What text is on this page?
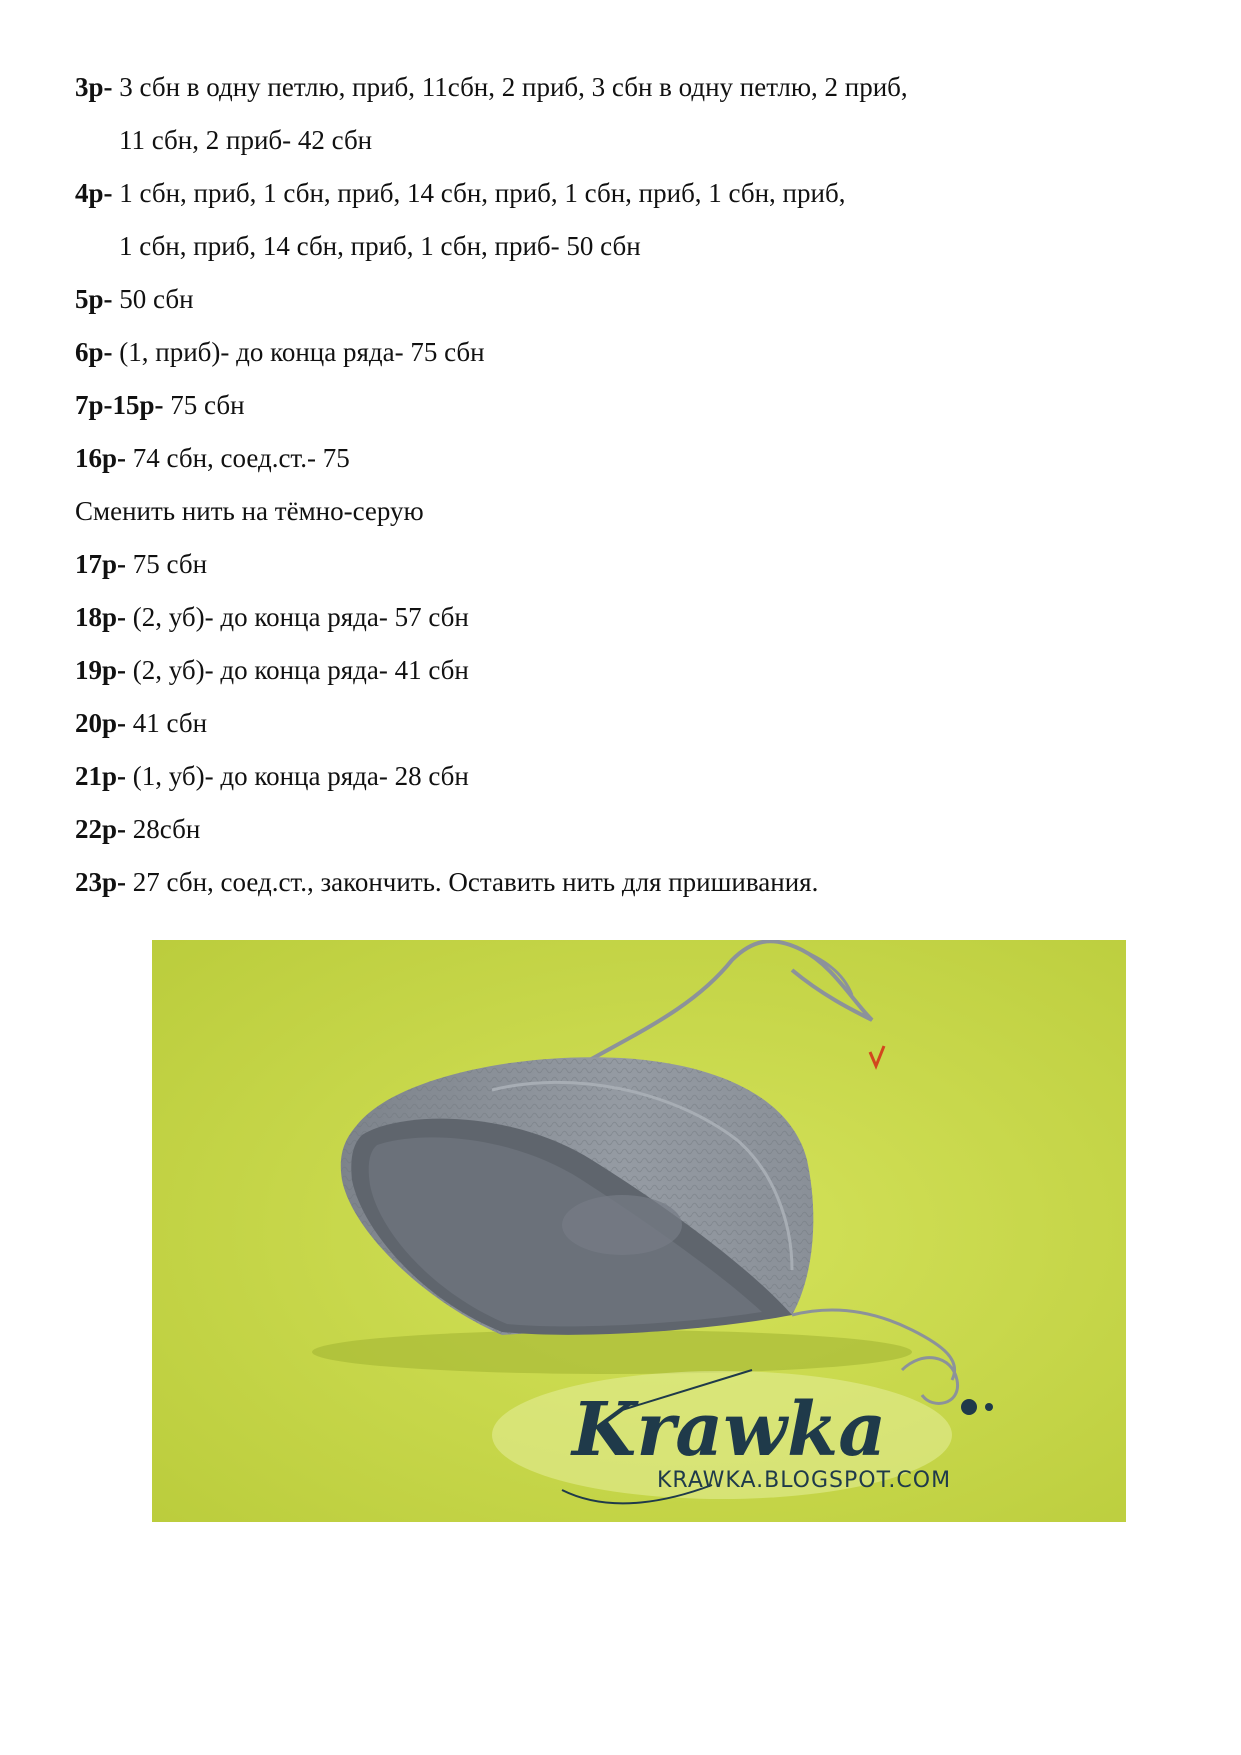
3р- 3 сбн в одну петлю, приб, 11сбн, 2 приб, 3 сбн в одну петлю, 2 приб,
11 сбн, 2 приб- 42 сбн
4р- 1 сбн, приб, 1 сбн, приб, 14 сбн, приб, 1 сбн, приб, 1 сбн, приб,
1 сбн, приб, 14 сбн, приб, 1 сбн, приб- 50 сбн
5р- 50 сбн
6р- (1, приб)- до конца ряда- 75 сбн
7р-15р- 75 сбн
16р- 74 сбн, соед.ст.- 75
Сменить нить на тёмно-серую
17р- 75 сбн
18р- (2, уб)- до конца ряда- 57 сбн
19р- (2, уб)- до конца ряда- 41 сбн
20р- 41 сбн
21р- (1, уб)- до конца ряда- 28 сбн
22р- 28сбн
23р- 27 сбн, соед.ст., закончить. Оставить нить для пришивания.
Krawka
KRAWKA.BLOGSPOT.COM
